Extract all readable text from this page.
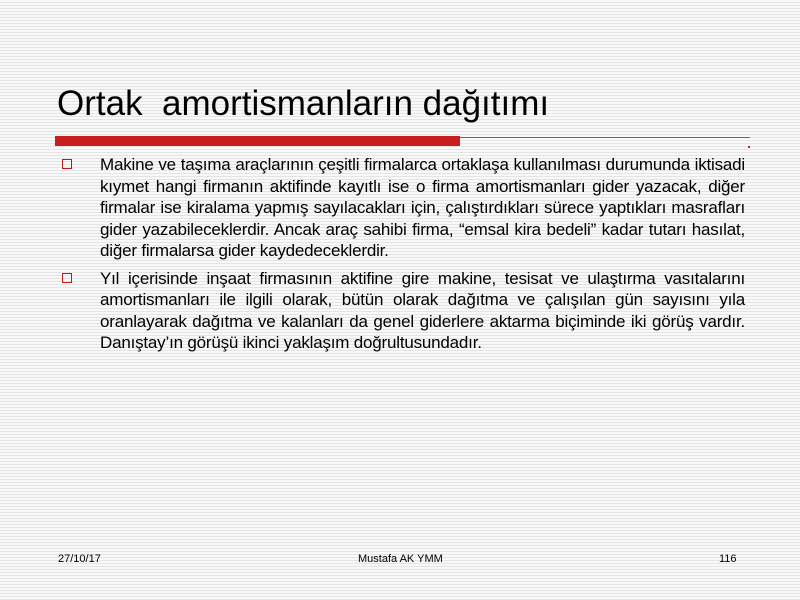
Ortak  amortismanların dağıtımı
Makine ve taşıma araçlarının çeşitli firmalarca ortaklaşa kullanılması durumunda iktisadi kıymet hangi firmanın aktifinde kayıtlı ise o firma amortismanları gider yazacak, diğer firmalar ise kiralama yapmış sayılacakları için, çalıştırdıkları sürece yaptıkları masrafları gider yazabileceklerdir. Ancak araç sahibi firma, “emsal kira bedeli” kadar tutarı hasılat, diğer firmalarsa gider kaydedeceklerdir.
Yıl içerisinde inşaat firmasının aktifine gire makine, tesisat ve ulaştırma vasıtalarını amortismanları ile ilgili olarak, bütün olarak dağıtma ve çalışılan gün sayısını yıla oranlayarak dağıtma ve kalanları da genel giderlere aktarma biçiminde iki görüş vardır. Danıştay’ın görüşü ikinci yaklaşım doğrultusundadır.
27/10/17	Mustafa AK YMM	116
